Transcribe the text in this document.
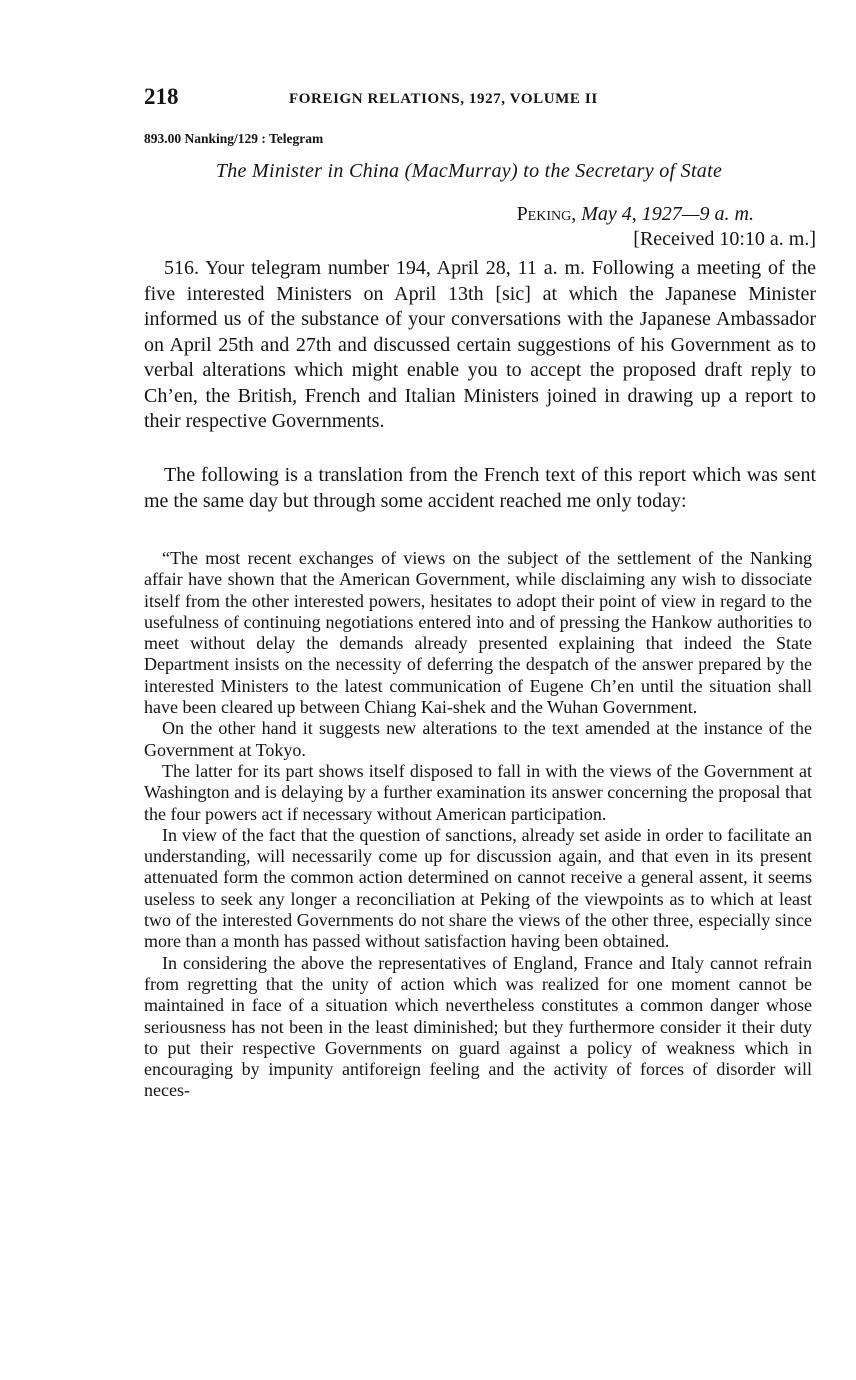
218	FOREIGN RELATIONS, 1927, VOLUME II
893.00 Nanking/129 : Telegram
The Minister in China (MacMurray) to the Secretary of State
Peking, May 4, 1927—9 a. m.
[Received 10:10 a. m.]

516. Your telegram number 194, April 28, 11 a. m. Following a meeting of the five interested Ministers on April 13th [sic] at which the Japanese Minister informed us of the substance of your conversations with the Japanese Ambassador on April 25th and 27th and discussed certain suggestions of his Government as to verbal alterations which might enable you to accept the proposed draft reply to Ch’en, the British, French and Italian Ministers joined in drawing up a report to their respective Governments.

The following is a translation from the French text of this report which was sent me the same day but through some accident reached me only today:

“The most recent exchanges of views on the subject of the settlement of the Nanking affair have shown that the American Government, while disclaiming any wish to dissociate itself from the other interested powers, hesitates to adopt their point of view in regard to the usefulness of continuing negotiations entered into and of pressing the Hankow authorities to meet without delay the demands already presented explaining that indeed the State Department insists on the necessity of deferring the despatch of the answer prepared by the interested Ministers to the latest communication of Eugene Ch’en until the situation shall have been cleared up between Chiang Kai-shek and the Wuhan Government.

On the other hand it suggests new alterations to the text amended at the instance of the Government at Tokyo.

The latter for its part shows itself disposed to fall in with the views of the Government at Washington and is delaying by a further examination its answer concerning the proposal that the four powers act if necessary without American participation.

In view of the fact that the question of sanctions, already set aside in order to facilitate an understanding, will necessarily come up for discussion again, and that even in its present attenuated form the common action determined on cannot receive a general assent, it seems useless to seek any longer a reconciliation at Peking of the viewpoints as to which at least two of the interested Governments do not share the views of the other three, especially since more than a month has passed without satisfaction having been obtained.

In considering the above the representatives of England, France and Italy cannot refrain from regretting that the unity of action which was realized for one moment cannot be maintained in face of a situation which nevertheless constitutes a common danger whose seriousness has not been in the least diminished; but they furthermore consider it their duty to put their respective Governments on guard against a policy of weakness which in encouraging by impunity antiforeign feeling and the activity of forces of disorder will neces-
